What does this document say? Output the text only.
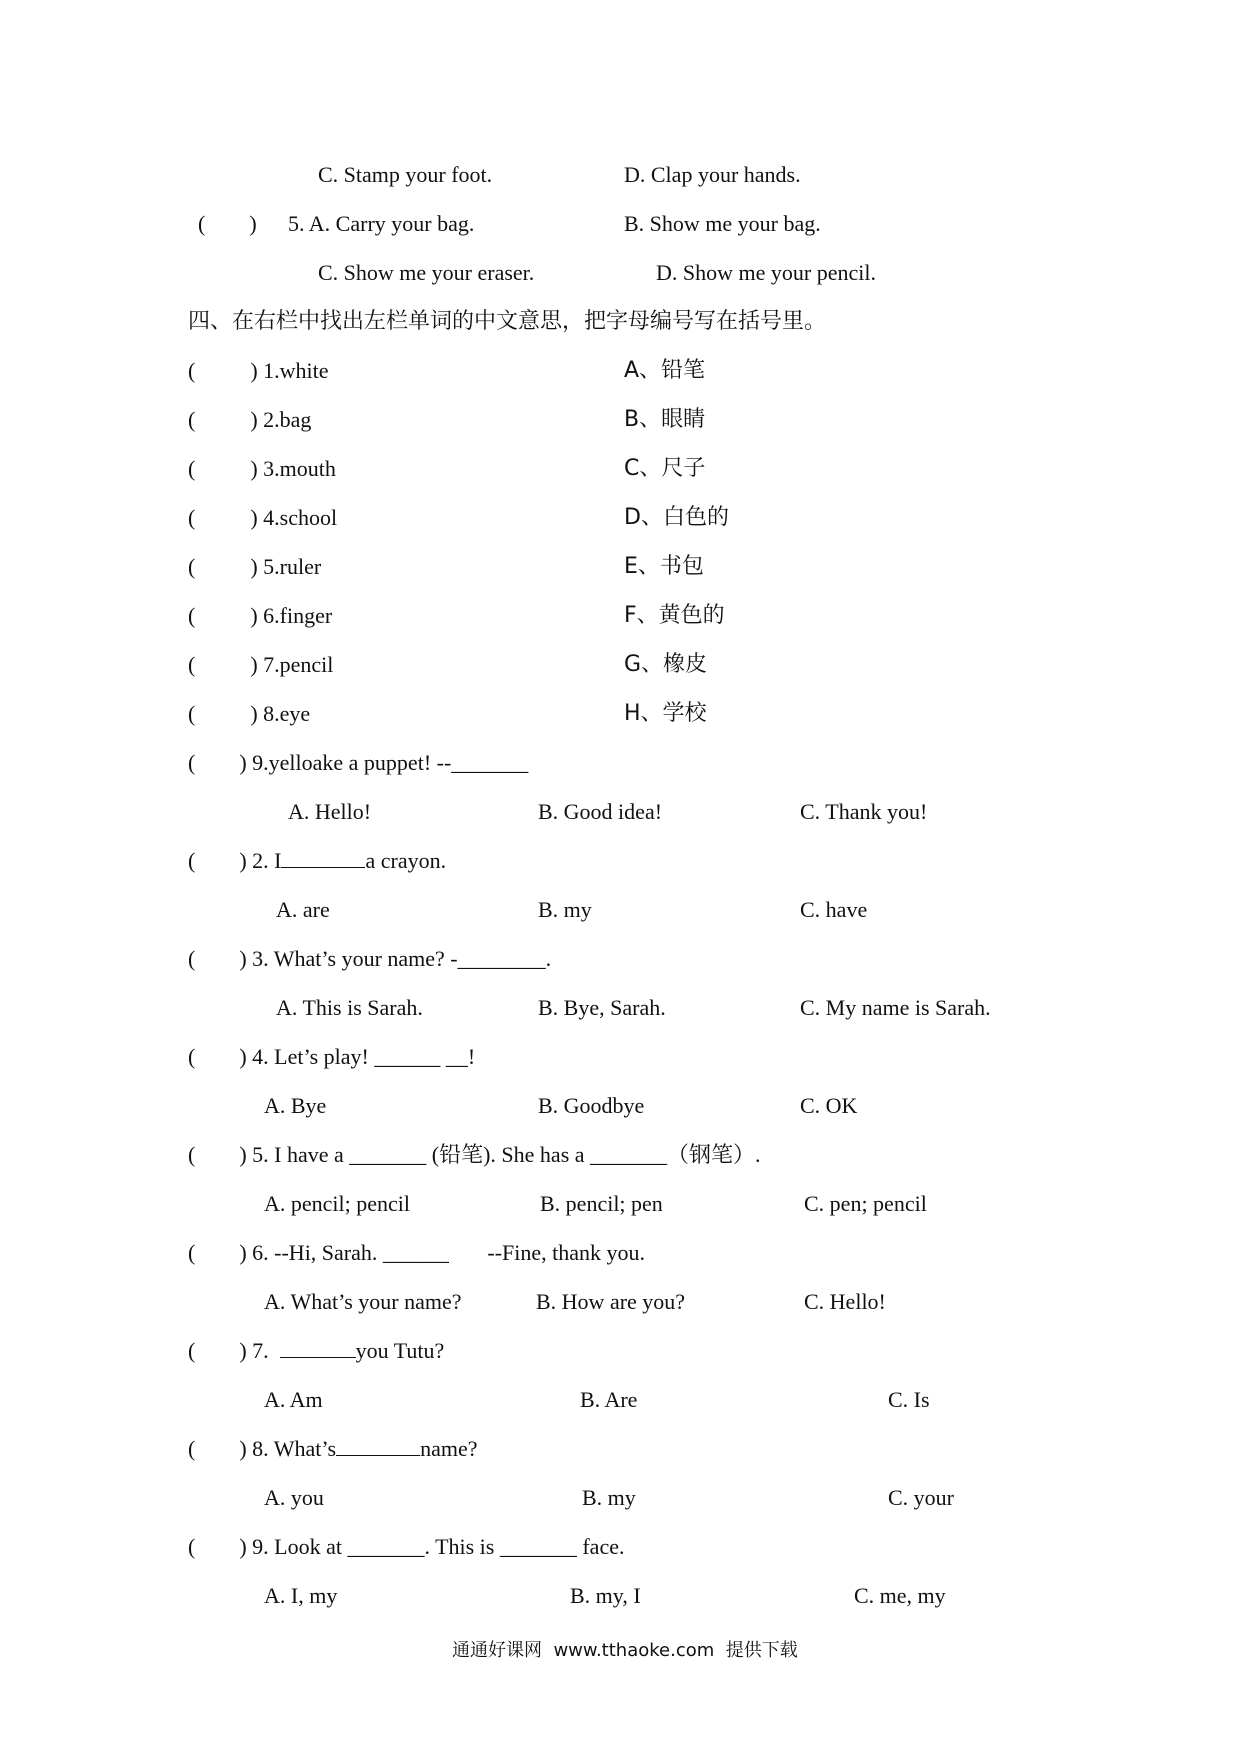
C. Stamp your foot.	D. Clap your hands.
(        ) 5. A. Carry your bag.	B. Show me your bag.
C. Show me your eraser.	D. Show me your pencil.
四、在右栏中找出左栏单词的中文意思，把字母编号写在括号里。
(          ) 1.white	A、铅笔
(          ) 2.bag	B、眼睛
(          ) 3.mouth	C、尺子
(          ) 4.school	D、白色的
(          ) 5.ruler	E、书包
(          ) 6.finger	F、黄色的
(          ) 7.pencil	G、橡皮
(          ) 8.eye	H、学校
(        ) 9.yelloake a puppet! --_______
A. Hello!	B. Good idea!	C. Thank you!
(        ) 2. I	a crayon.
A. are	B. my	C. have
(        ) 3. What’s your name? -________.
A. This is Sarah.	B. Bye, Sarah.	C. My name is Sarah.
(        ) 4. Let’s play! ______ __!
A. Bye	B. Goodbye	C. OK
(        ) 5. I have a _______ (铅笔). She has a _______（钢笔）.
A. pencil; pencil	B. pencil; pen	C. pen; pencil
(        ) 6. --Hi, Sarah. ______       --Fine, thank you.
A. What’s your name?	B. How are you?	C. Hello!
(        ) 7.	you Tutu?
A. Am	B. Are	C. Is
(        ) 8. What’s	name?
A. you	B. my	C. your
(        ) 9. Look at _______. This is _______ face.
A. I, my	B. my, I	C. me, my
通通好课网  www.tthaoke.com  提供下载
